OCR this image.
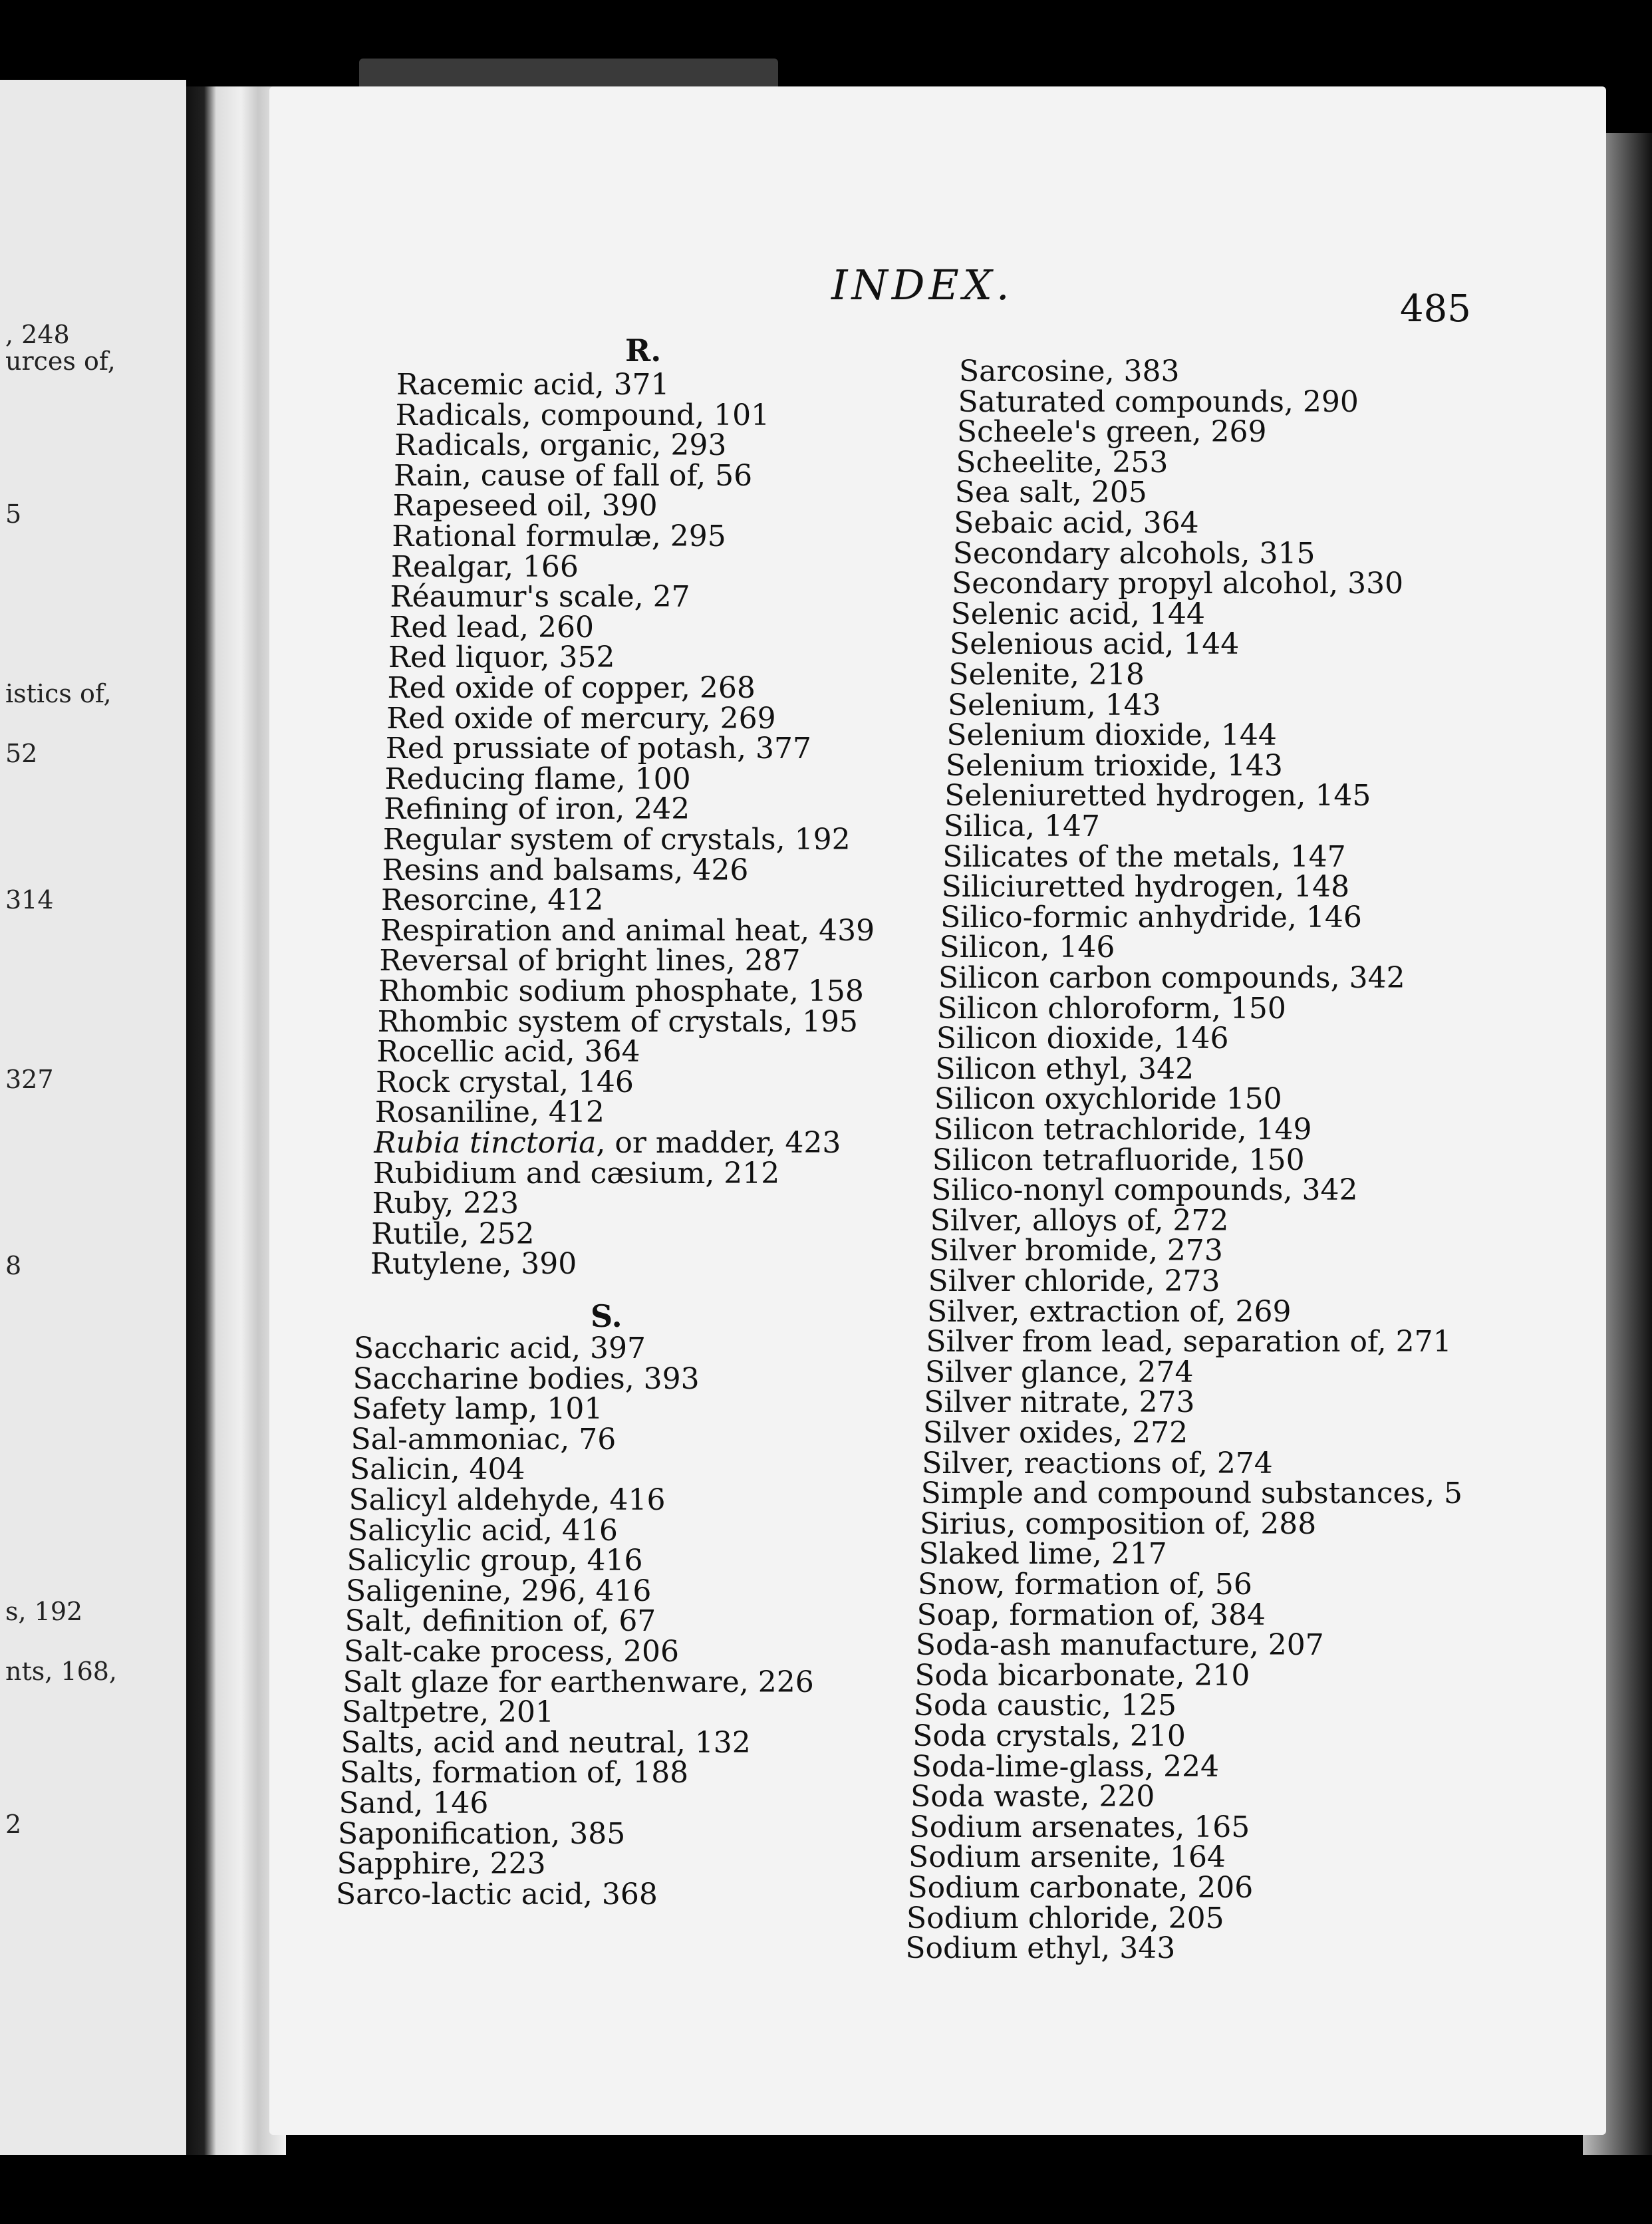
, 248
urces of,
5
istics of,
52
314
327
8
s, 192
nts, 168,
2
INDEX.	485
R.
Racemic acid, 371
Radicals, compound, 101
Radicals, organic, 293
Rain, cause of fall of, 56
Rapeseed oil, 390
Rational formulæ, 295
Realgar, 166
Réaumur's scale, 27
Red lead, 260
Red liquor, 352
Red oxide of copper, 268
Red oxide of mercury, 269
Red prussiate of potash, 377
Reducing flame, 100
Refining of iron, 242
Regular system of crystals, 192
Resins and balsams, 426
Resorcine, 412
Respiration and animal heat, 439
Reversal of bright lines, 287
Rhombic sodium phosphate, 158
Rhombic system of crystals, 195
Rocellic acid, 364
Rock crystal, 146
Rosaniline, 412
Rubia tinctoria, or madder, 423
Rubidium and cæsium, 212
Ruby, 223
Rutile, 252
Rutylene, 390
S.
Saccharic acid, 397
Saccharine bodies, 393
Safety lamp, 101
Sal-ammoniac, 76
Salicin, 404
Salicyl aldehyde, 416
Salicylic acid, 416
Salicylic group, 416
Saligenine, 296, 416
Salt, definition of, 67
Salt-cake process, 206
Salt glaze for earthenware, 226
Saltpetre, 201
Salts, acid and neutral, 132
Salts, formation of, 188
Sand, 146
Saponification, 385
Sapphire, 223
Sarco-lactic acid, 368
Sarcosine, 383
Saturated compounds, 290
Scheele's green, 269
Scheelite, 253
Sea salt, 205
Sebaic acid, 364
Secondary alcohols, 315
Secondary propyl alcohol, 330
Selenic acid, 144
Selenious acid, 144
Selenite, 218
Selenium, 143
Selenium dioxide, 144
Selenium trioxide, 143
Seleniuretted hydrogen, 145
Silica, 147
Silicates of the metals, 147
Siliciuretted hydrogen, 148
Silico-formic anhydride, 146
Silicon, 146
Silicon carbon compounds, 342
Silicon chloroform, 150
Silicon dioxide, 146
Silicon ethyl, 342
Silicon oxychloride 150
Silicon tetrachloride, 149
Silicon tetrafluoride, 150
Silico-nonyl compounds, 342
Silver, alloys of, 272
Silver bromide, 273
Silver chloride, 273
Silver, extraction of, 269
Silver from lead, separation of, 271
Silver glance, 274
Silver nitrate, 273
Silver oxides, 272
Silver, reactions of, 274
Simple and compound substances, 5
Sirius, composition of, 288
Slaked lime, 217
Snow, formation of, 56
Soap, formation of, 384
Soda-ash manufacture, 207
Soda bicarbonate, 210
Soda caustic, 125
Soda crystals, 210
Soda-lime-glass, 224
Soda waste, 220
Sodium arsenates, 165
Sodium arsenite, 164
Sodium carbonate, 206
Sodium chloride, 205
Sodium ethyl, 343
